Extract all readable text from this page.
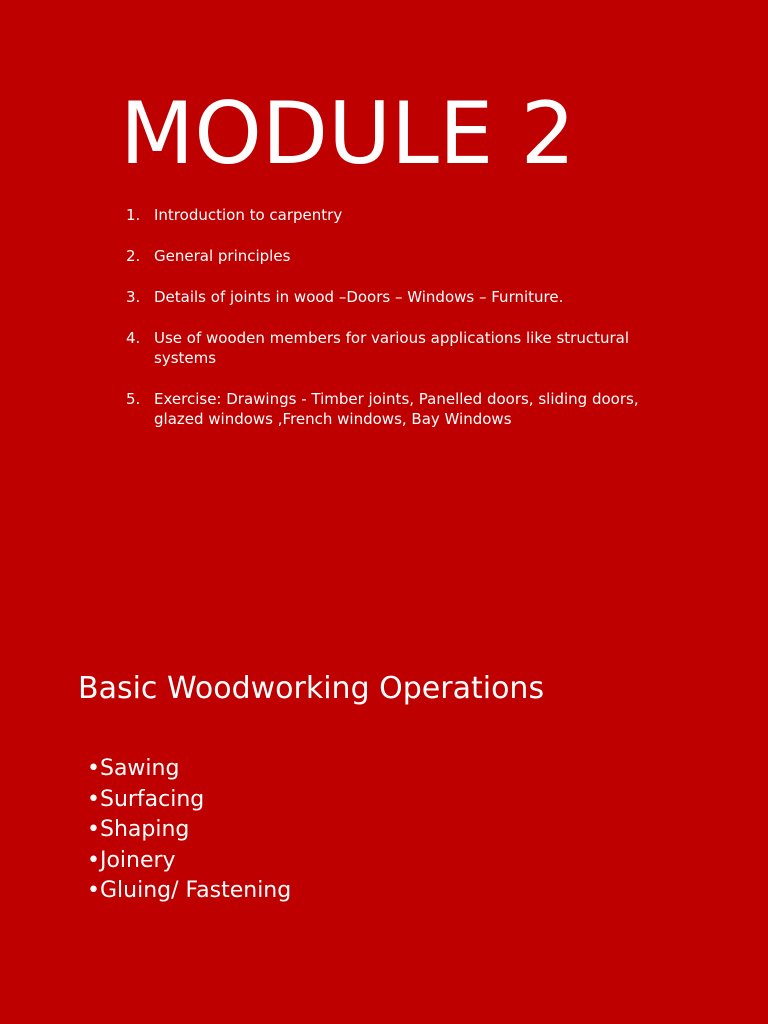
MODULE 2
1. Introduction to carpentry
2. General principles
3. Details of joints in wood –Doors – Windows – Furniture.
4. Use of wooden members for various applications like structural systems
5. Exercise: Drawings - Timber joints, Panelled doors, sliding doors, glazed windows ,French windows, Bay Windows
Basic Woodworking Operations
•Sawing
•Surfacing
•Shaping
•Joinery
•Gluing/ Fastening
